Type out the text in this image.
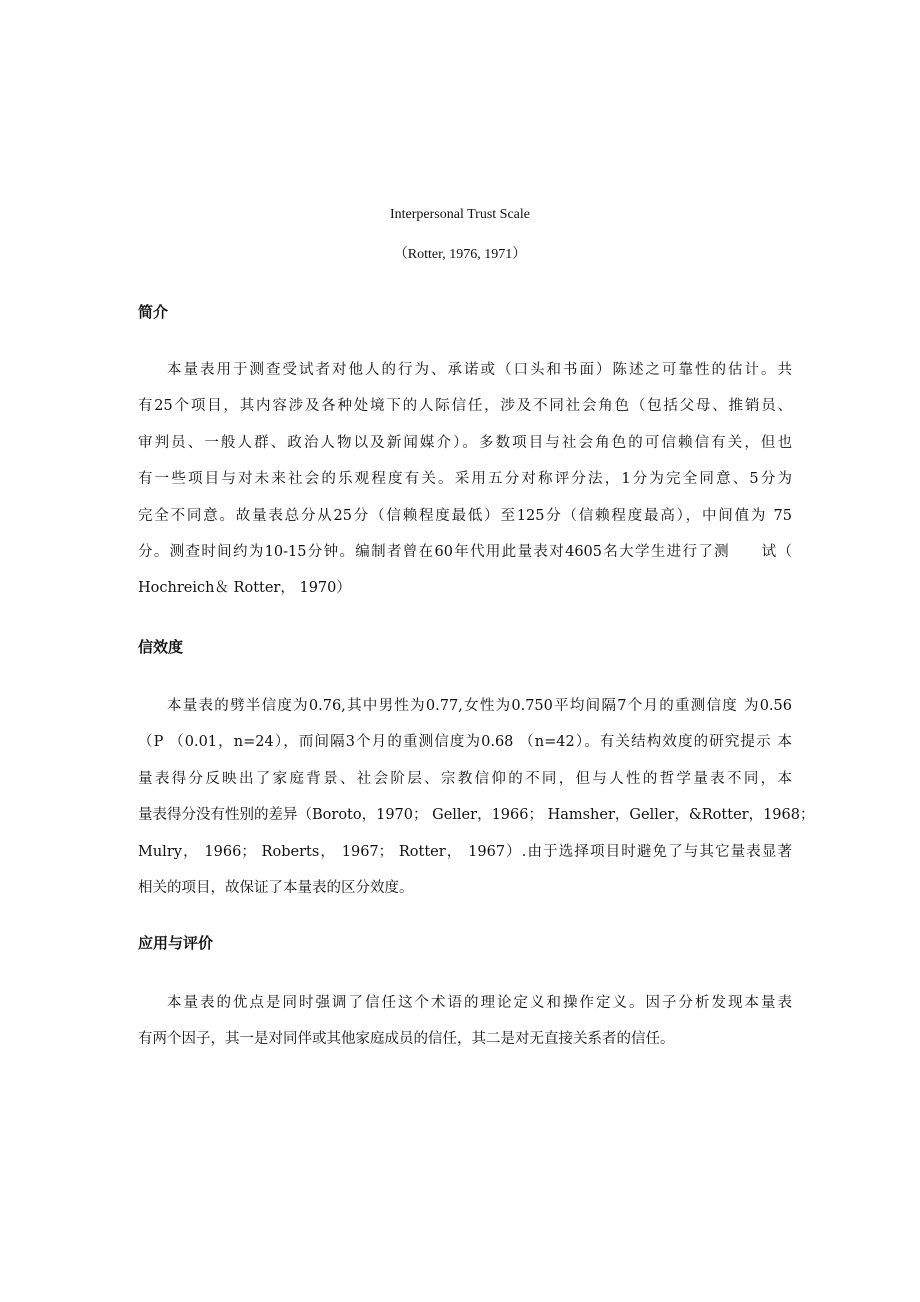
Interpersonal Trust Scale
（Rotter, 1976, 1971）
简介
本量表用于测查受试者对他人的行为、承诺或（口头和书面）陈述之可靠性的估计。共
有25个项目，其内容涉及各种处境下的人际信任，涉及不同社会角色（包括父母、推销员、
审判员、一般人群、政治人物以及新闻媒介）。多数项目与社会角色的可信赖信有关，但也
有一些项目与对未来社会的乐观程度有关。采用五分对称评分法，1分为完全同意、5分为
完全不同意。故量表总分从25分（信赖程度最低）至125分（信赖程度最高），中间值为 75
分。测查时间约为10-15分钟。编制者曾在60年代用此量表对4605名大学生进行了测　　试（
Hochreich＆ Rotter， 1970）
信效度
本量表的劈半信度为0.76,其中男性为0.77,女性为0.750平均间隔7个月的重测信度 为0.56
（P （0.01，n=24），而间隔3个月的重测信度为0.68 （n=42）。有关结构效度的研究提示 本
量表得分反映出了家庭背景、社会阶层、宗教信仰的不同，但与人性的哲学量表不同，本
量表得分没有性别的差异（Boroto，1970； Geller，1966； Hamsher，Geller，&Rotter，1968；
Mulry， 1966； Roberts， 1967； Rotter， 1967）.由于选择项目时避免了与其它量表显著
相关的项目，故保证了本量表的区分效度。
应用与评价
本量表的优点是同时强调了信任这个术语的理论定义和操作定义。因子分析发现本量表
有两个因子，其一是对同伴或其他家庭成员的信任，其二是对无直接关系者的信任。
